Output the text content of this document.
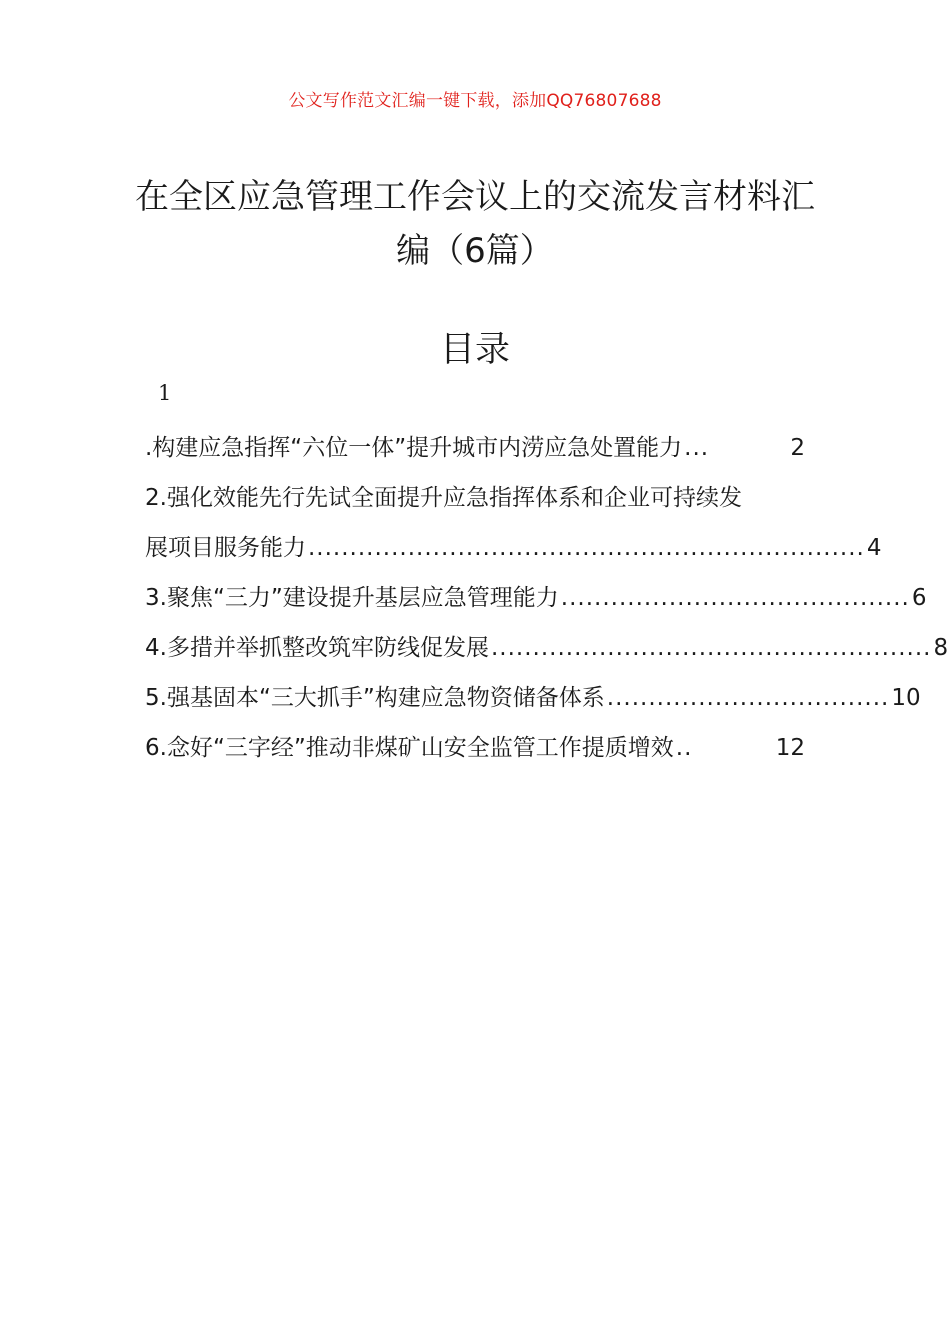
公文写作范文汇编一键下载，添加QQ76807688
在全区应急管理工作会议上的交流发言材料汇编（6篇）
目录
1
.构建应急指挥“六位一体”提升城市内涝应急处置能力 ...	2
2.强化效能先行先试全面提升应急指挥体系和企业可持续发
展项目服务能力 ................................................................... 4
3.聚焦“三力”建设提升基层应急管理能力 .......................................... 6
4.多措并举抓整改筑牢防线促发展 ..................................................... 8
5.强基固本“三大抓手”构建应急物资储备体系 .................................. 10
6.念好“三字经”推动非煤矿山安全监管工作提质增效 ..	12
